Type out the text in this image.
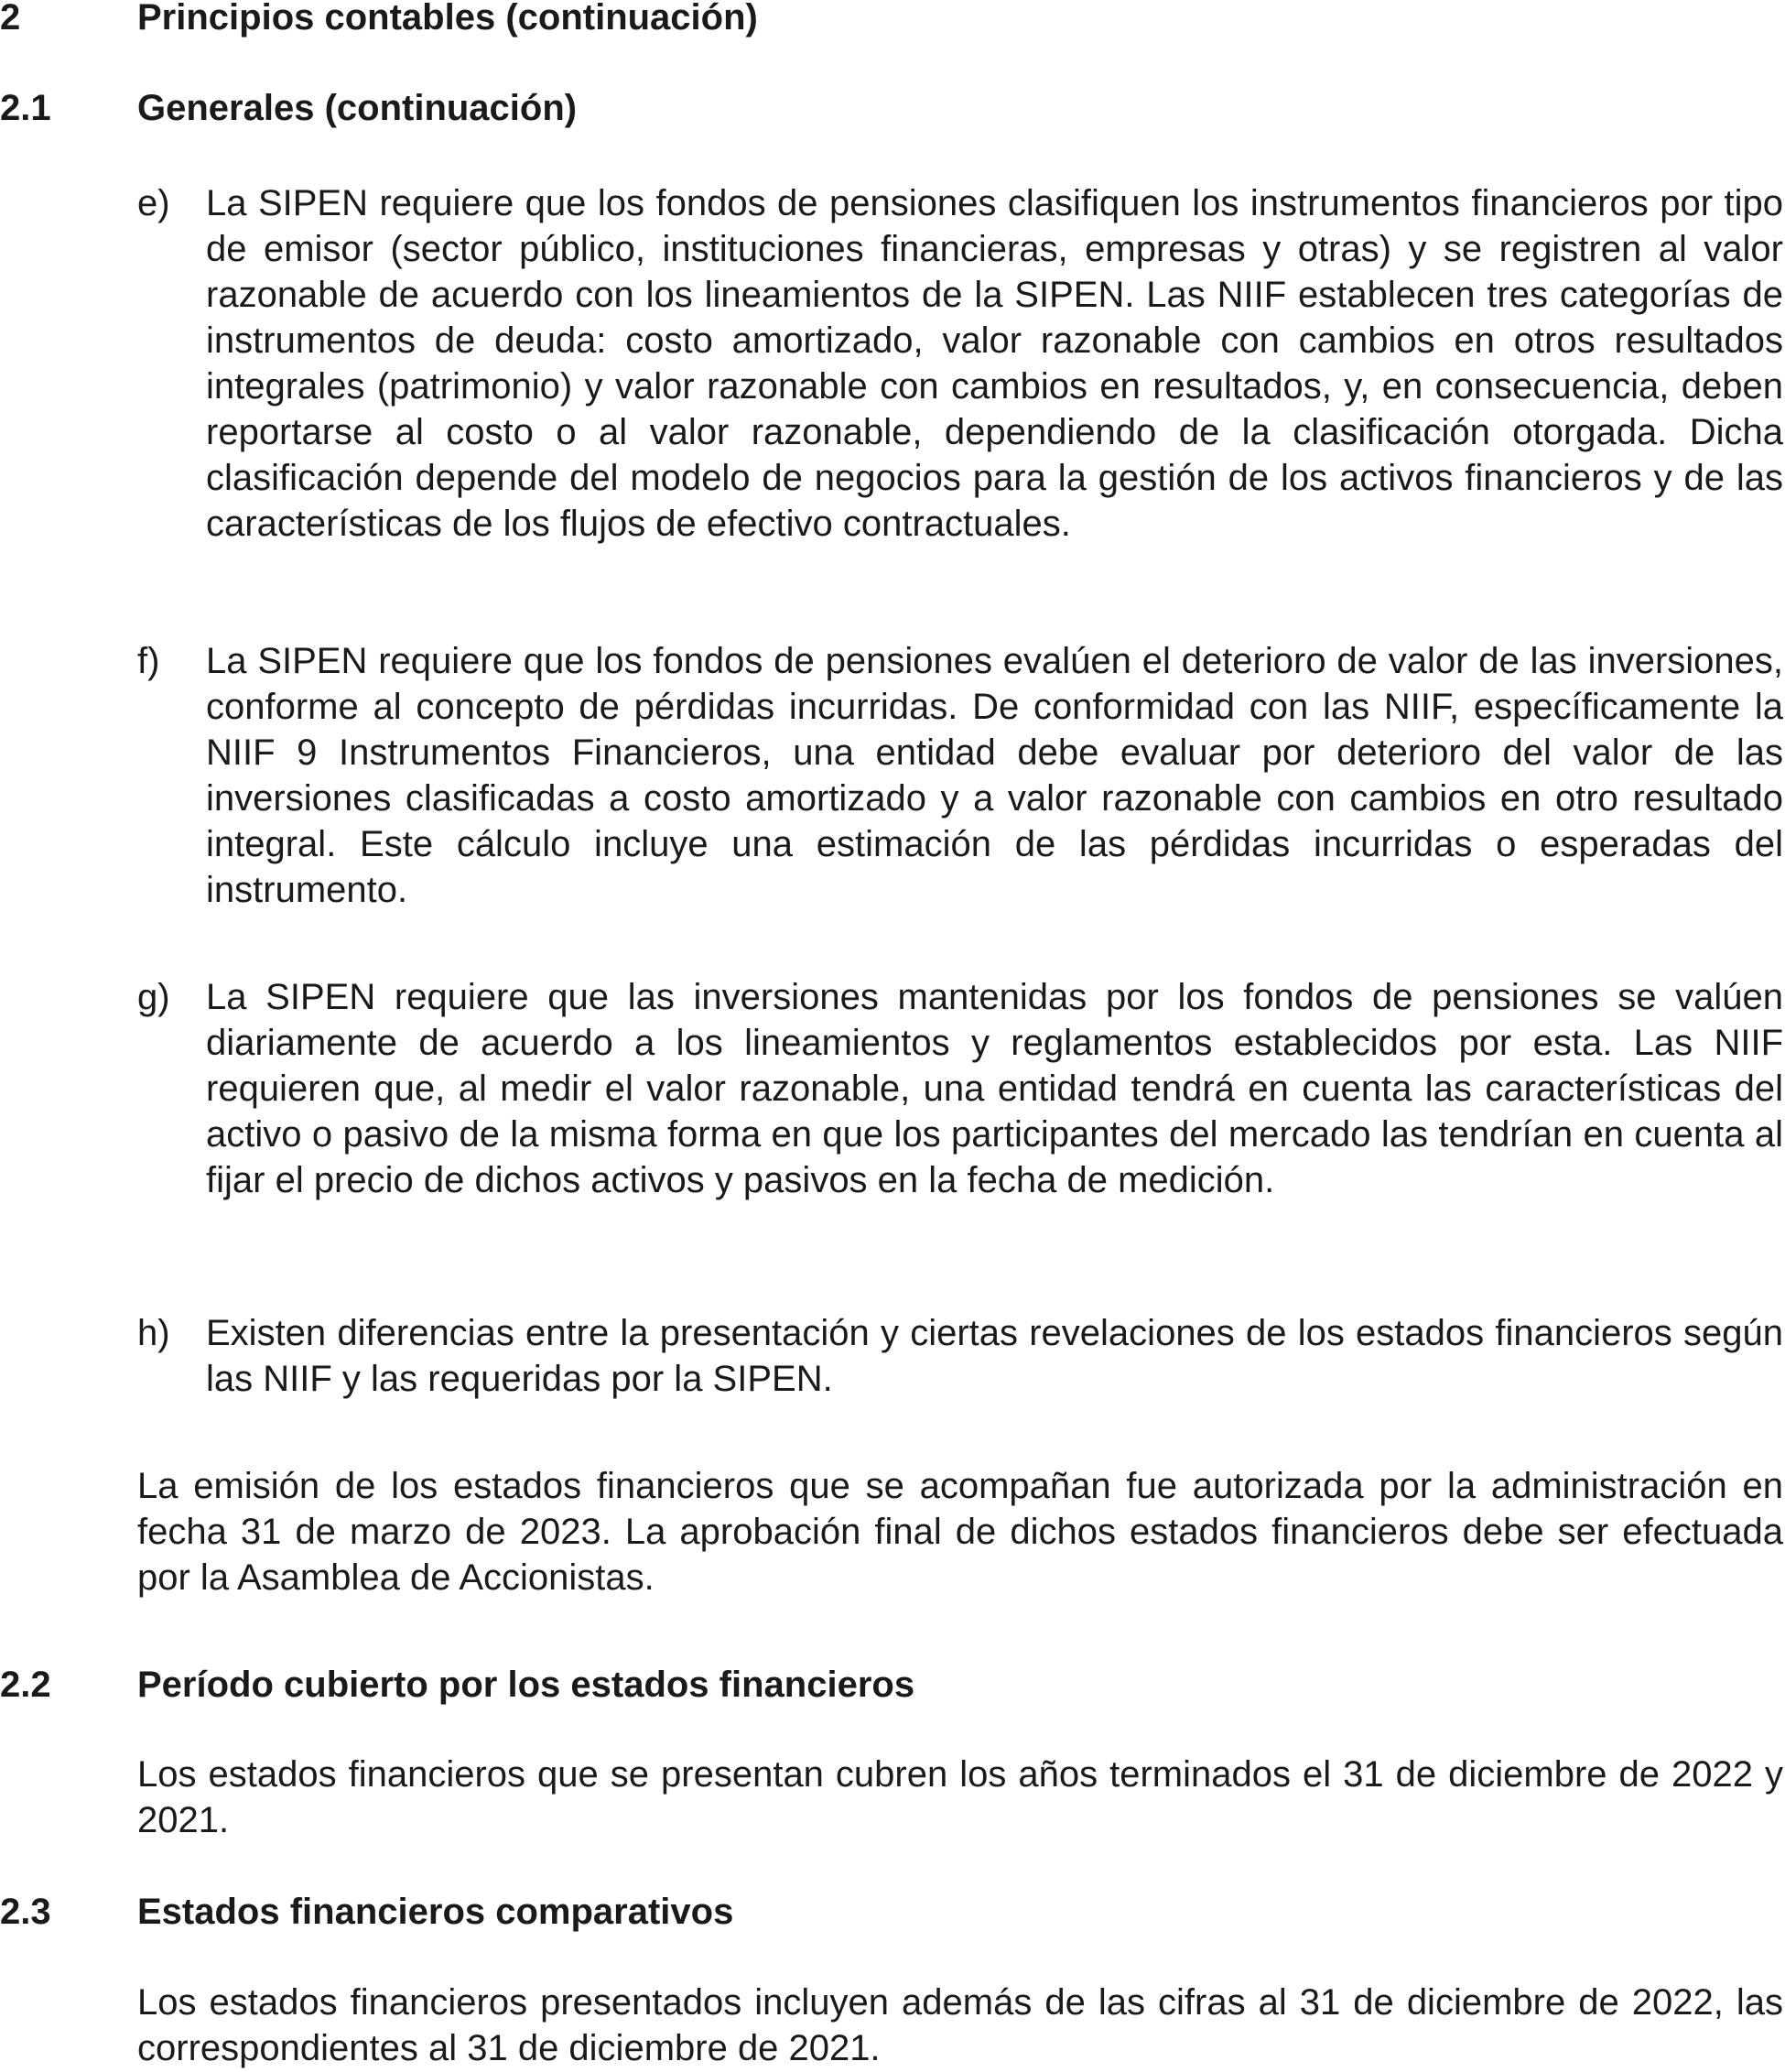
2	Principios contables (continuación)
2.1 Generales (continuación)
e) La SIPEN requiere que los fondos de pensiones clasifiquen los instrumentos financieros por tipo de emisor (sector público, instituciones financieras, empresas y otras) y se registren al valor razonable de acuerdo con los lineamientos de la SIPEN. Las NIIF establecen tres categorías de instrumentos de deuda: costo amortizado, valor razonable con cambios en otros resultados integrales (patrimonio) y valor razonable con cambios en resultados, y, en consecuencia, deben reportarse al costo o al valor razonable, dependiendo de la clasificación otorgada. Dicha clasificación depende del modelo de negocios para la gestión de los activos financieros y de las características de los flujos de efectivo contractuales.
f) La SIPEN requiere que los fondos de pensiones evalúen el deterioro de valor de las inversiones, conforme al concepto de pérdidas incurridas. De conformidad con las NIIF, específicamente la NIIF 9 Instrumentos Financieros, una entidad debe evaluar por deterioro del valor de las inversiones clasificadas a costo amortizado y a valor razonable con cambios en otro resultado integral. Este cálculo incluye una estimación de las pérdidas incurridas o esperadas del instrumento.
g) La SIPEN requiere que las inversiones mantenidas por los fondos de pensiones se valúen diariamente de acuerdo a los lineamientos y reglamentos establecidos por esta. Las NIIF requieren que, al medir el valor razonable, una entidad tendrá en cuenta las características del activo o pasivo de la misma forma en que los participantes del mercado las tendrían en cuenta al fijar el precio de dichos activos y pasivos en la fecha de medición.
h) Existen diferencias entre la presentación y ciertas revelaciones de los estados financieros según las NIIF y las requeridas por la SIPEN.
La emisión de los estados financieros que se acompañan fue autorizada por la administración en fecha 31 de marzo de 2023. La aprobación final de dichos estados financieros debe ser efectuada por la Asamblea de Accionistas.
2.2 Período cubierto por los estados financieros
Los estados financieros que se presentan cubren los años terminados el 31 de diciembre de 2022 y 2021.
2.3 Estados financieros comparativos
Los estados financieros presentados incluyen además de las cifras al 31 de diciembre de 2022, las correspondientes al 31 de diciembre de 2021.
